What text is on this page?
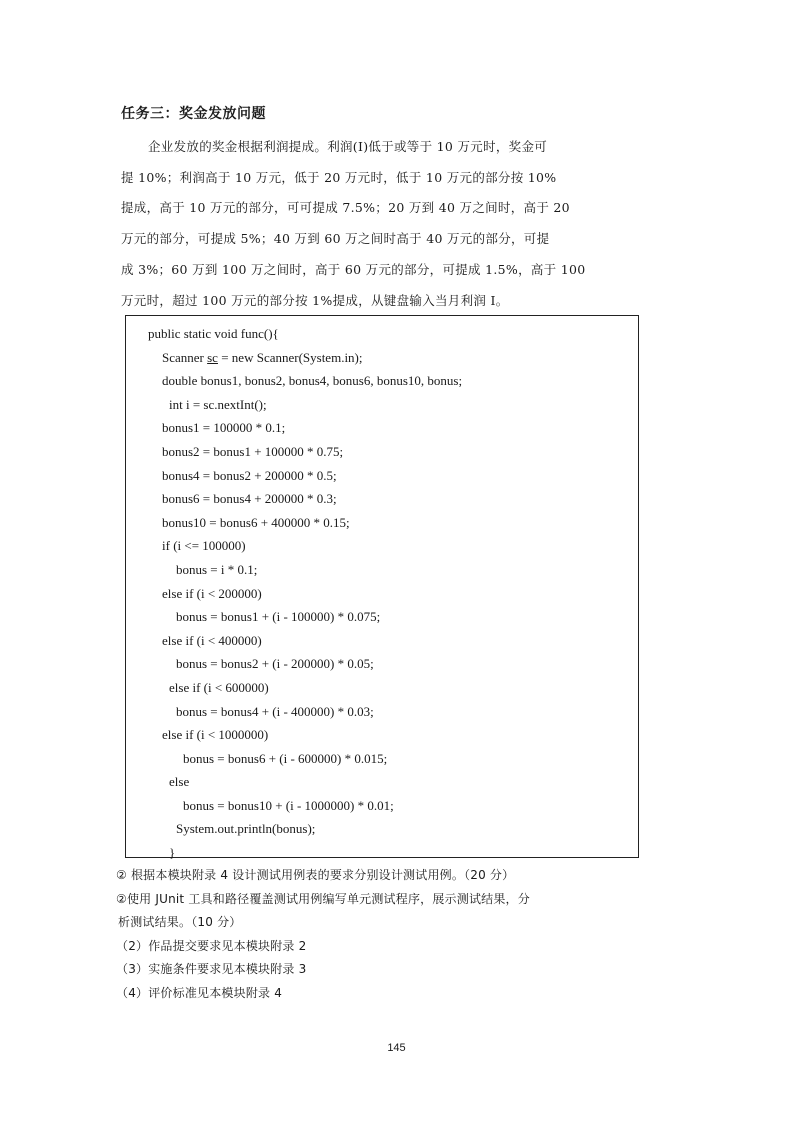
任务三：奖金发放问题
企业发放的奖金根据利润提成。利润(I)低于或等于 10 万元时，奖金可
提 10%；利润高于 10 万元，低于 20 万元时，低于 10 万元的部分按 10%
提成，高于 10 万元的部分，可可提成 7.5%；20 万到 40 万之间时，高于 20
万元的部分，可提成 5%；40 万到 60 万之间时高于 40 万元的部分，可提
成 3%；60 万到 100 万之间时，高于 60 万元的部分，可提成 1.5%，高于 100
万元时，超过 100 万元的部分按 1%提成，从键盘输入当月利润 I。
public static void func(){
Scanner sc = new Scanner(System.in);
double bonus1, bonus2, bonus4, bonus6, bonus10, bonus;
int i = sc.nextInt();
bonus1 = 100000 * 0.1;
bonus2 = bonus1 + 100000 * 0.75;
bonus4 = bonus2 + 200000 * 0.5;
bonus6 = bonus4 + 200000 * 0.3;
bonus10 = bonus6 + 400000 * 0.15;
if (i <= 100000)
bonus = i * 0.1;
else if (i < 200000)
bonus = bonus1 + (i - 100000) * 0.075;
else if (i < 400000)
bonus = bonus2 + (i - 200000) * 0.05;
else if (i < 600000)
bonus = bonus4 + (i - 400000) * 0.03;
else if (i < 1000000)
bonus = bonus6 + (i - 600000) * 0.015;
else
bonus = bonus10 + (i - 1000000) * 0.01;
System.out.println(bonus);
}
② 根据本模块附录 4 设计测试用例表的要求分别设计测试用例。（20 分）
②使用 JUnit 工具和路径覆盖测试用例编写单元测试程序，展示测试结果，分
析测试结果。（10 分）
（2）作品提交要求见本模块附录 2
（3）实施条件要求见本模块附录 3
（4）评价标准见本模块附录 4
145
